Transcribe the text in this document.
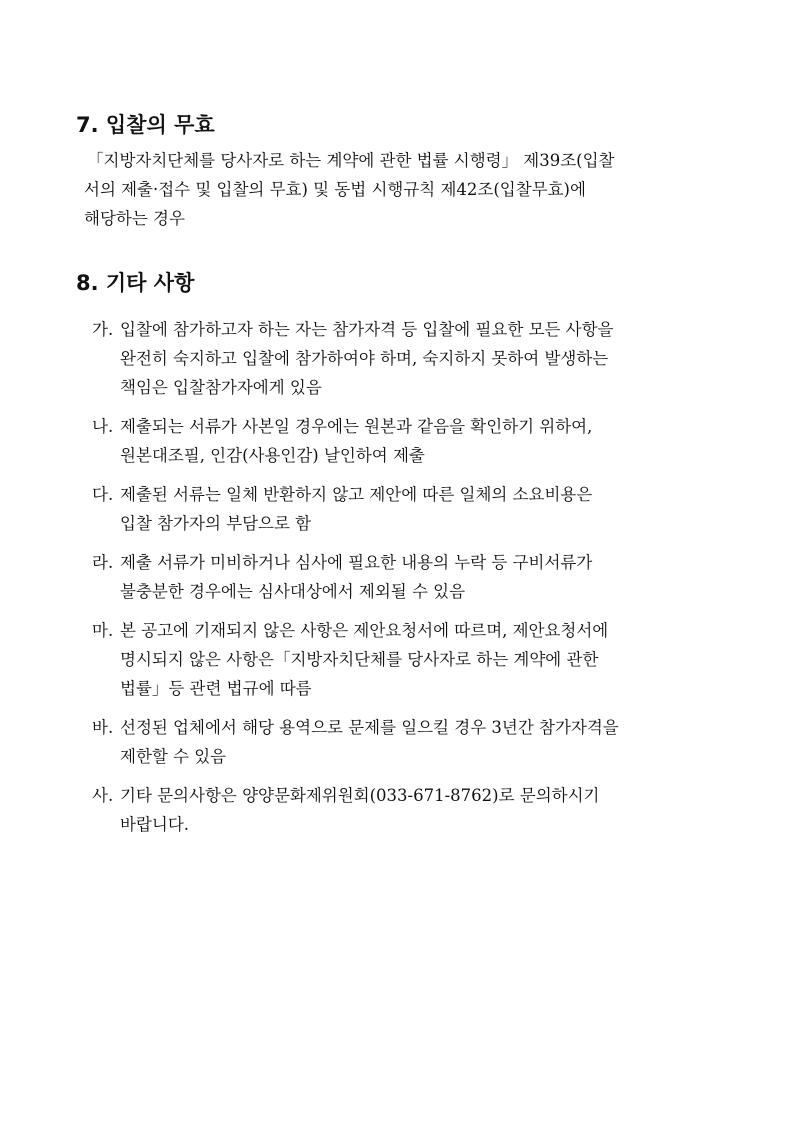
7. 입찰의 무효

「지방자치단체를 당사자로 하는 계약에 관한 법률 시행령」 제39조(입찰
서의 제출·접수 및 입찰의 무효) 및 동법 시행규칙 제42조(입찰무효)에
해당하는 경우

8. 기타 사항
가. 입찰에 참가하고자 하는 자는 참가자격 등 입찰에 필요한 모든 사항을
완전히 숙지하고 입찰에 참가하여야 하며, 숙지하지 못하여 발생하는
책임은 입찰참가자에게 있음
나. 제출되는 서류가 사본일 경우에는 원본과 같음을 확인하기 위하여,
원본대조필, 인감(사용인감) 날인하여 제출
다. 제출된 서류는 일체 반환하지 않고 제안에 따른 일체의 소요비용은
입찰 참가자의 부담으로 함
라. 제출 서류가 미비하거나 심사에 필요한 내용의 누락 등 구비서류가
불충분한 경우에는 심사대상에서 제외될 수 있음
마. 본 공고에 기재되지 않은 사항은 제안요청서에 따르며, 제안요청서에
명시되지 않은 사항은「지방자치단체를 당사자로 하는 계약에 관한
법률」등 관련 법규에 따름
바. 선정된 업체에서 해당 용역으로 문제를 일으킬 경우 3년간 참가자격을
제한할 수 있음
사. 기타 문의사항은 양양문화제위원회(033-671-8762)로 문의하시기
바랍니다.
